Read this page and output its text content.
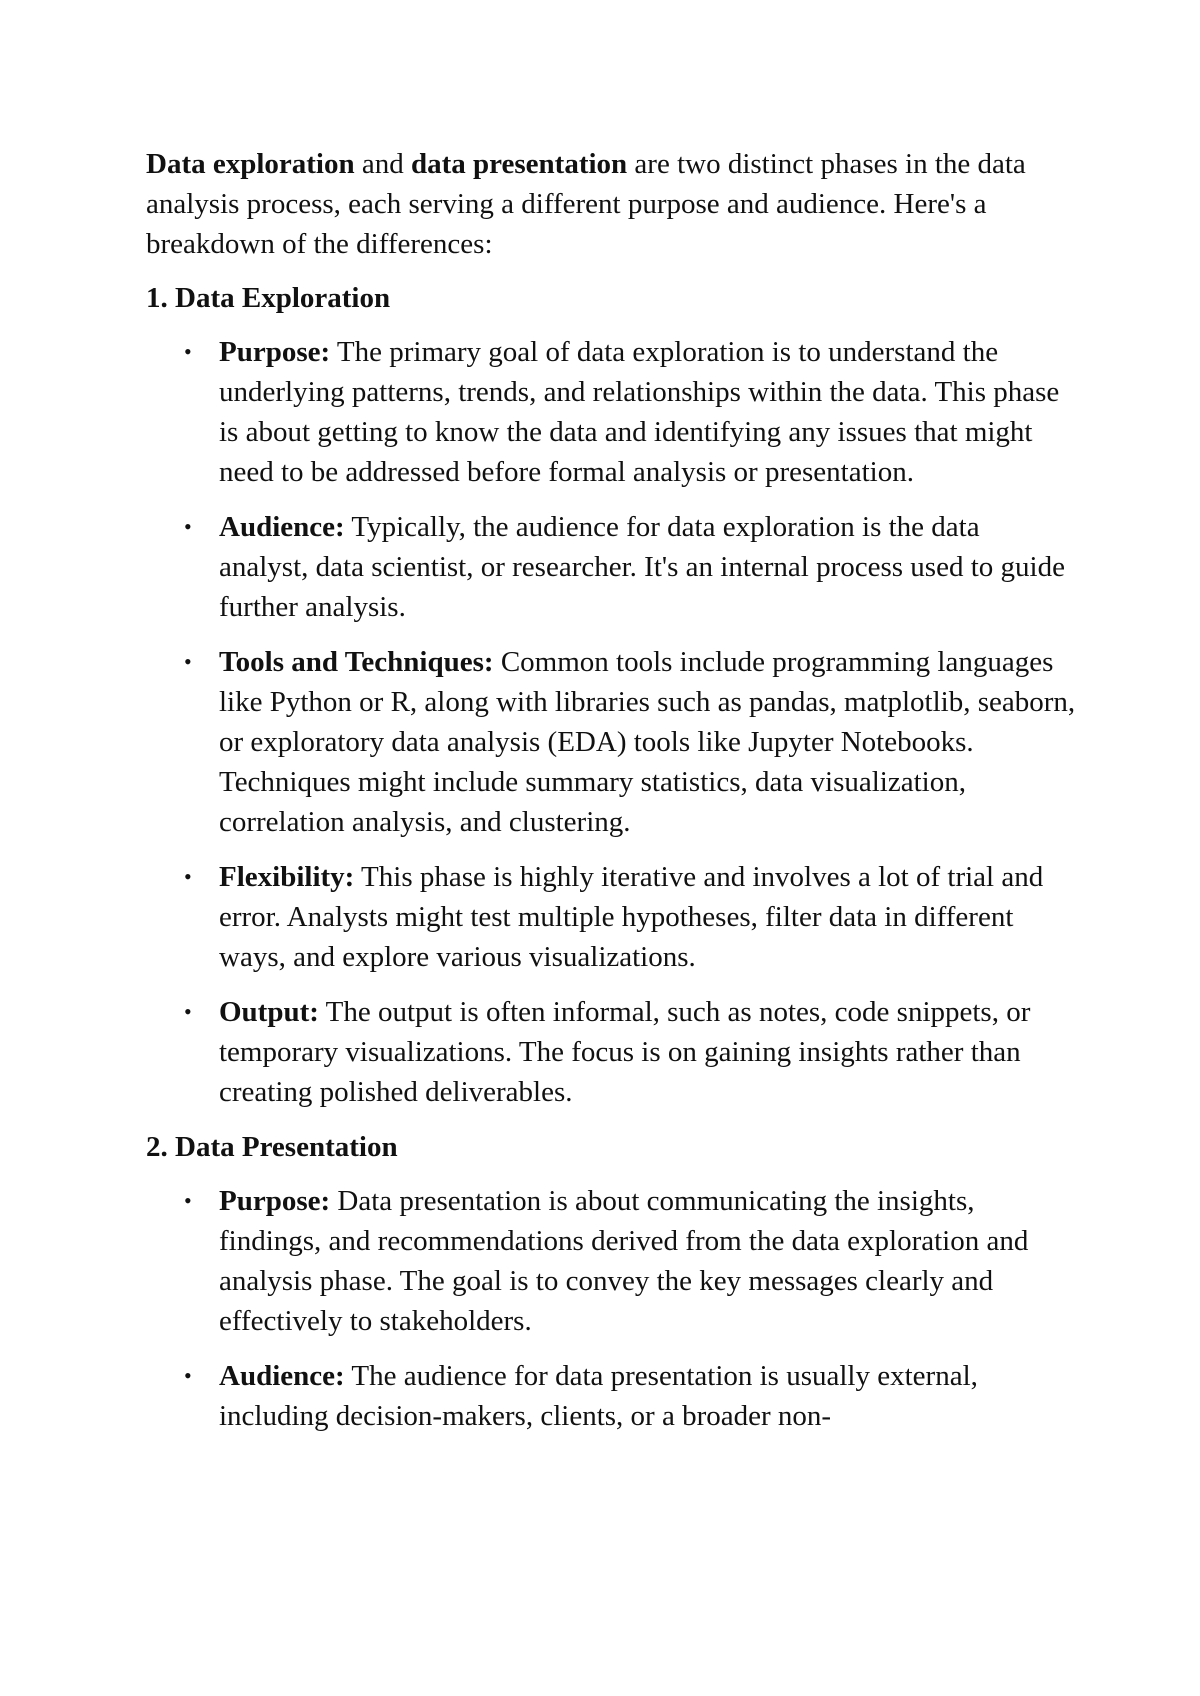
Data exploration and data presentation are two distinct phases in the data analysis process, each serving a different purpose and audience. Here's a breakdown of the differences:

1. Data Exploration
• Purpose: The primary goal of data exploration is to understand the underlying patterns, trends, and relationships within the data. This phase is about getting to know the data and identifying any issues that might need to be addressed before formal analysis or presentation.
• Audience: Typically, the audience for data exploration is the data analyst, data scientist, or researcher. It's an internal process used to guide further analysis.
• Tools and Techniques: Common tools include programming languages like Python or R, along with libraries such as pandas, matplotlib, seaborn, or exploratory data analysis (EDA) tools like Jupyter Notebooks. Techniques might include summary statistics, data visualization, correlation analysis, and clustering.
• Flexibility: This phase is highly iterative and involves a lot of trial and error. Analysts might test multiple hypotheses, filter data in different ways, and explore various visualizations.
• Output: The output is often informal, such as notes, code snippets, or temporary visualizations. The focus is on gaining insights rather than creating polished deliverables.
2. Data Presentation
• Purpose: Data presentation is about communicating the insights, findings, and recommendations derived from the data exploration and analysis phase. The goal is to convey the key messages clearly and effectively to stakeholders.
• Audience: The audience for data presentation is usually external, including decision-makers, clients, or a broader non-
